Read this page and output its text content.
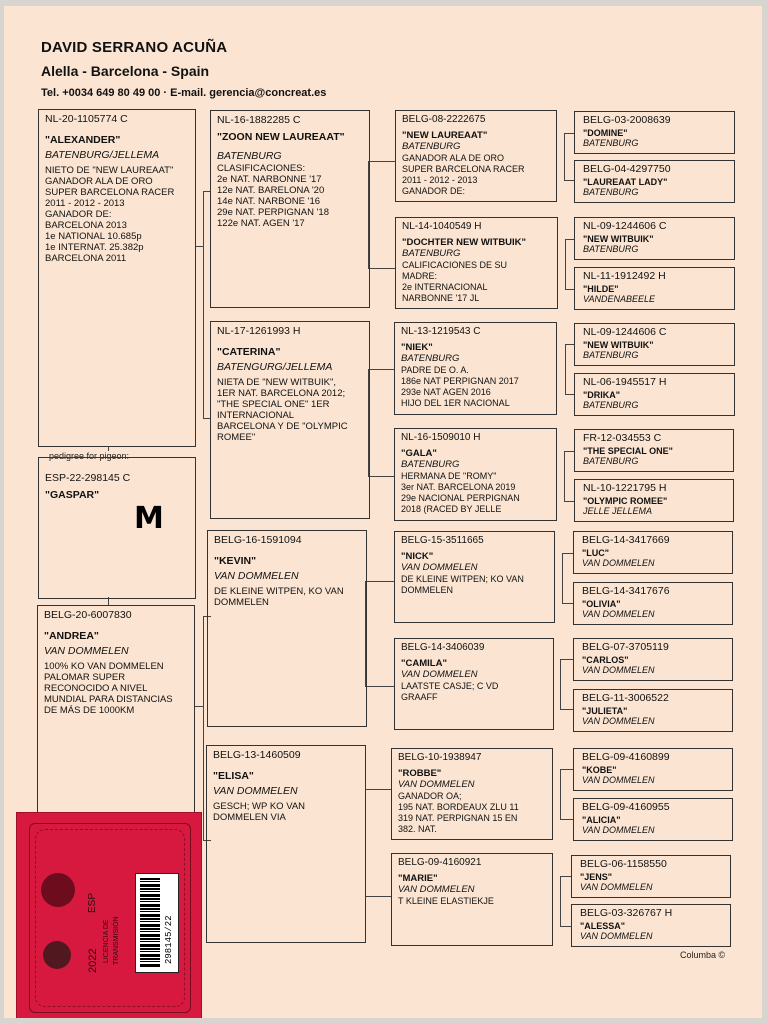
DAVID SERRANO ACUÑA
Alella - Barcelona - Spain
Tel. +0034 649 80 49 00 · E-mail. gerencia@concreat.es
NL-20-1105774 C
"ALEXANDER"
BATENBURG/JELLEMA
NIETO DE "NEW LAUREAAT"
GANADOR ALA DE ORO
SUPER BARCELONA RACER
2011 - 2012 - 2013
GANADOR DE:
BARCELONA 2013
1e NATIONAL 10.685p
1e INTERNAT. 25.382p
BARCELONA 2011
pedigree for pigeon:
ESP-22-298145 C
"GASPAR"
M
BELG-20-6007830
"ANDREA"
VAN DOMMELEN
100% KO VAN DOMMELEN
PALOMAR SUPER
RECONOCIDO A NIVEL
MUNDIAL PARA DISTANCIAS
DE MÁS DE 1000KM
NL-16-1882285 C
"ZOON NEW LAUREAAT"
BATENBURG
CLASIFICACIONES:
2e NAT. NARBONNE '17
12e NAT. BARELONA '20
14e NAT. NARBONE '16
29e NAT. PERPIGNAN '18
122e NAT. AGEN '17
NL-17-1261993 H
"CATERINA"
BATENGURG/JELLEMA
NIETA DE "NEW WITBUIK",
1ER NAT. BARCELONA 2012;
"THE SPECIAL ONE" 1ER
INTERNACIONAL
BARCELONA Y DE "OLYMPIC
ROMEE"
BELG-16-1591094
"KEVIN"
VAN DOMMELEN
DE KLEINE WITPEN, KO VAN
DOMMELEN
BELG-13-1460509
"ELISA"
VAN DOMMELEN
GESCH; WP KO VAN
DOMMELEN VIA
BELG-08-2222675
"NEW LAUREAAT"
BATENBURG
GANADOR ALA DE ORO
SUPER BARCELONA RACER
2011 - 2012 - 2013
GANADOR DE:
NL-14-1040549 H
"DOCHTER NEW WITBUIK"
BATENBURG
CALIFICACIONES DE SU
MADRE:
2e INTERNACIONAL
NARBONNE '17 JL
NL-13-1219543 C
"NIEK"
BATENBURG
PADRE DE O. A.
186e NAT PERPIGNAN 2017
293e NAT AGEN 2016
HIJO DEL 1ER NACIONAL
NL-16-1509010 H
"GALA"
BATENBURG
HERMANA DE "ROMY"
3er NAT. BARCELONA 2019
29e NACIONAL PERPIGNAN
2018 (RACED BY JELLE
BELG-15-3511665
"NICK"
VAN DOMMELEN
DE KLEINE WITPEN; KO VAN
DOMMELEN
BELG-14-3406039
"CAMILA"
VAN DOMMELEN
LAATSTE CASJE; C VD
GRAAFF
BELG-10-1938947
"ROBBE"
VAN DOMMELEN
GANADOR OA;
195 NAT. BORDEAUX ZLU 11
319 NAT. PERPIGNAN 15 EN
382. NAT.
BELG-09-4160921
"MARIE"
VAN DOMMELEN
T KLEINE ELASTIEKJE
BELG-03-2008639
"DOMINE"
BATENBURG
BELG-04-4297750
"LAUREAAT LADY"
BATENBURG
NL-09-1244606 C
"NEW WITBUIK"
BATENBURG
NL-11-1912492 H
"HILDE"
VANDENABEELE
NL-09-1244606 C
"NEW WITBUIK"
BATENBURG
NL-06-1945517 H
"DRIKA"
BATENBURG
FR-12-034553 C
"THE SPECIAL ONE"
BATENBURG
NL-10-1221795 H
"OLYMPIC ROMEE"
JELLE JELLEMA
BELG-14-3417669
"LUC"
VAN DOMMELEN
BELG-14-3417676
"OLIVIA"
VAN DOMMELEN
BELG-07-3705119
"CARLOS"
VAN DOMMELEN
BELG-11-3006522
"JULIETA"
VAN DOMMELEN
BELG-09-4160899
"KOBE"
VAN DOMMELEN
BELG-09-4160955
"ALICIA"
VAN DOMMELEN
BELG-06-1158550
"JENS"
VAN DOMMELEN
BELG-03-326767 H
"ALESSA"
VAN DOMMELEN
Columba ©
ESP
LICENCIA DE TRANSMISIÓN
2022	298145/22
